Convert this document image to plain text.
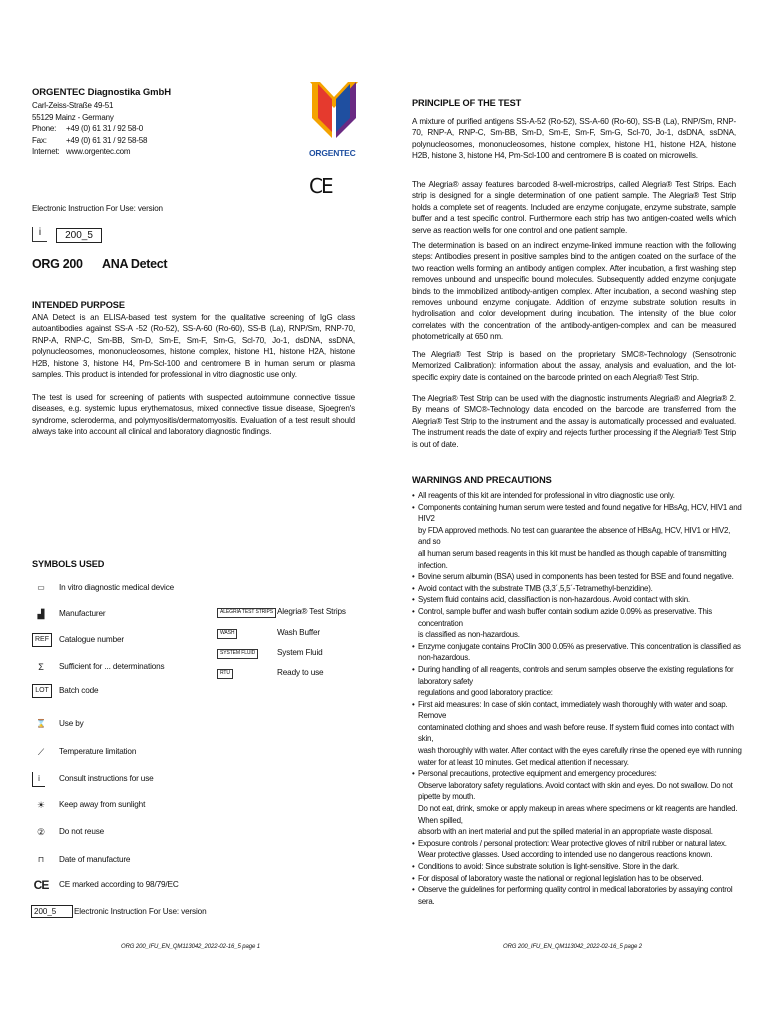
ORGENTEC Diagnostika GmbH
Carl-Zeiss-Straße 49-51
55129 Mainz - Germany
Phone: +49 (0) 61 31 / 92 58-0
Fax: +49 (0) 61 31 / 92 58-58
Internet: www.orgentec.com	ORGENTEC
CE
Electronic Instruction For Use: version
i	200_5
ORG 200 ANA Detect
INTENDED PURPOSE
ANA Detect is an ELISA-based test system for the qualitative screening of IgG class autoantibodies against SS-A -52 (Ro-52), SS-A-60 (Ro-60), SS-B (La), RNP/Sm, RNP-70, RNP-A, RNP-C, Sm-BB, Sm-D, Sm-E, Sm-F, Sm-G, Scl-70, Jo-1, dsDNA, ssDNA, polynucleosomes, mononucleosomes, histone complex, histone H1, histone H2A, histone H2B, histone 3, histone H4, Pm-Scl-100 and centromere B in human serum or plasma samples. This product is intended for professional in vitro diagnostic use only.
The test is used for screening of patients with suspected autoimmune connective tissue diseases, e.g. systemic lupus erythematosus, mixed connective tissue disease, Sjoegren's syndrome, scleroderma, and polymyositis/dermatomyositis. Evaluation of a test result should always take into account all clinical and laboratory diagnostic findings.
SYMBOLS USED
▭	In vitro diagnostic medical device
▟	Manufacturer
REF	Catalogue number
Σ	Sufficient for ... determinations
LOT	Batch code
⌛	Use by
⟋	Temperature limitation
i	Consult instructions for use
☀	Keep away from sunlight
②	Do not reuse
⊓	Date of manufacture
CE CE marked according to 98/79/EC
200_5	Electronic Instruction For Use: version
ALEGRIA TEST STRIPS Alegria® Test Strips
WASH	Wash Buffer
SYSTEM FLUID	System Fluid
RTU	Ready to use
PRINCIPLE OF THE TEST
A mixture of purified antigens SS-A-52 (Ro-52), SS-A-60 (Ro-60), SS-B (La), RNP/Sm, RNP-70, RNP-A, RNP-C, Sm-BB, Sm-D, Sm-E, Sm-F, Sm-G, Scl-70, Jo-1, dsDNA, ssDNA, polynucleosomes, mononucleosomes, histone complex, histone H1, histone H2A, histone H2B, histone 3, histone H4, Pm-Scl-100 and centromere B is coated on microwells.
The Alegria® assay features barcoded 8-well-microstrips, called Alegria® Test Strips. Each strip is designed for a single determination of one patient sample. The Alegria® Test Strip holds a complete set of reagents. Included are enzyme conjugate, enzyme substrate, sample buffer and a test specific control. Furthermore each strip has two antigen-coated wells which serve as reaction wells for one control and one patient sample.
The determination is based on an indirect enzyme-linked immune reaction with the following steps: Antibodies present in positive samples bind to the antigen coated on the surface of the two reaction wells forming an antibody antigen complex. After incubation, a first washing step removes unbound and unspecific bound molecules. Subsequently added enzyme conjugate binds to the immobilized antibody-antigen complex. After incubation, a second washing step removes unbound enzyme conjugate. Addition of enzyme substrate solution results in hydrolisation and color development during incubation. The intensity of the blue color correlates with the concentration of the antibody-antigen-complex and can be measured photometrically at 650 nm.
The Alegria® Test Strip is based on the proprietary SMC®-Technology (Sensotronic Memorized Calibration): information about the assay, analysis and evaluation, and the lot-specific expiry date is contained on the barcode printed on each Alegria® Test Strip.
The Alegria® Test Strip can be used with the diagnostic instruments Alegria® and Alegria® 2. By means of SMC®-Technology data encoded on the barcode are transferred from the Alegria® Test Strip to the instrument and the assay is automatically processed and evaluated. The instrument reads the date of expiry and rejects further processing if the Alegria® Test Strip is out of date.
WARNINGS AND PRECAUTIONS
• All reagents of this kit are intended for professional in vitro diagnostic use only.
• Components containing human serum were tested and found negative for HBsAg, HCV, HIV1 and HIV2
by FDA approved methods. No test can guarantee the absence of HBsAg, HCV, HIV1 or HIV2, and so
all human serum based reagents in this kit must be handled as though capable of transmitting infection.
• Bovine serum albumin (BSA) used in components has been tested for BSE and found negative.
• Avoid contact with the substrate TMB (3,3´,5,5´-Tetramethyl-benzidine).
• System fluid contains acid, classifiaction is non-hazardous. Avoid contact with skin.
• Control, sample buffer and wash buffer contain sodium azide 0.09% as preservative. This concentration
is classified as non-hazardous.
• Enzyme conjugate contains ProClin 300 0.05% as preservative. This concentration is classified as
non-hazardous.
• During handling of all reagents, controls and serum samples observe the existing regulations for laboratory safety
regulations and good laboratory practice:
• First aid measures: In case of skin contact, immediately wash thoroughly with water and soap. Remove
contaminated clothing and shoes and wash before reuse. If system fluid comes into contact with skin,
wash thoroughly with water. After contact with the eyes carefully rinse the opened eye with running
water for at least 10 minutes. Get medical attention if necessary.
• Personal precautions, protective equipment and emergency procedures:
Observe laboratory safety regulations. Avoid contact with skin and eyes. Do not swallow. Do not pipette by mouth.
Do not eat, drink, smoke or apply makeup in areas where specimens or kit reagents are handled. When spilled,
absorb with an inert material and put the spilled material in an appropriate waste disposal.
• Exposure controls / personal protection: Wear protective gloves of nitril rubber or natural latex.
Wear protective glasses. Used according to intended use no dangerous reactions known.
• Conditions to avoid: Since substrate solution is light-sensitive. Store in the dark.
• For disposal of laboratory waste the national or regional legislation has to be observed.
• Observe the guidelines for performing quality control in medical laboratories by assaying control sera.
ORG 200_IFU_EN_QM113042_2022-02-16_5 page 1	ORG 200_IFU_EN_QM113042_2022-02-16_5 page 2
